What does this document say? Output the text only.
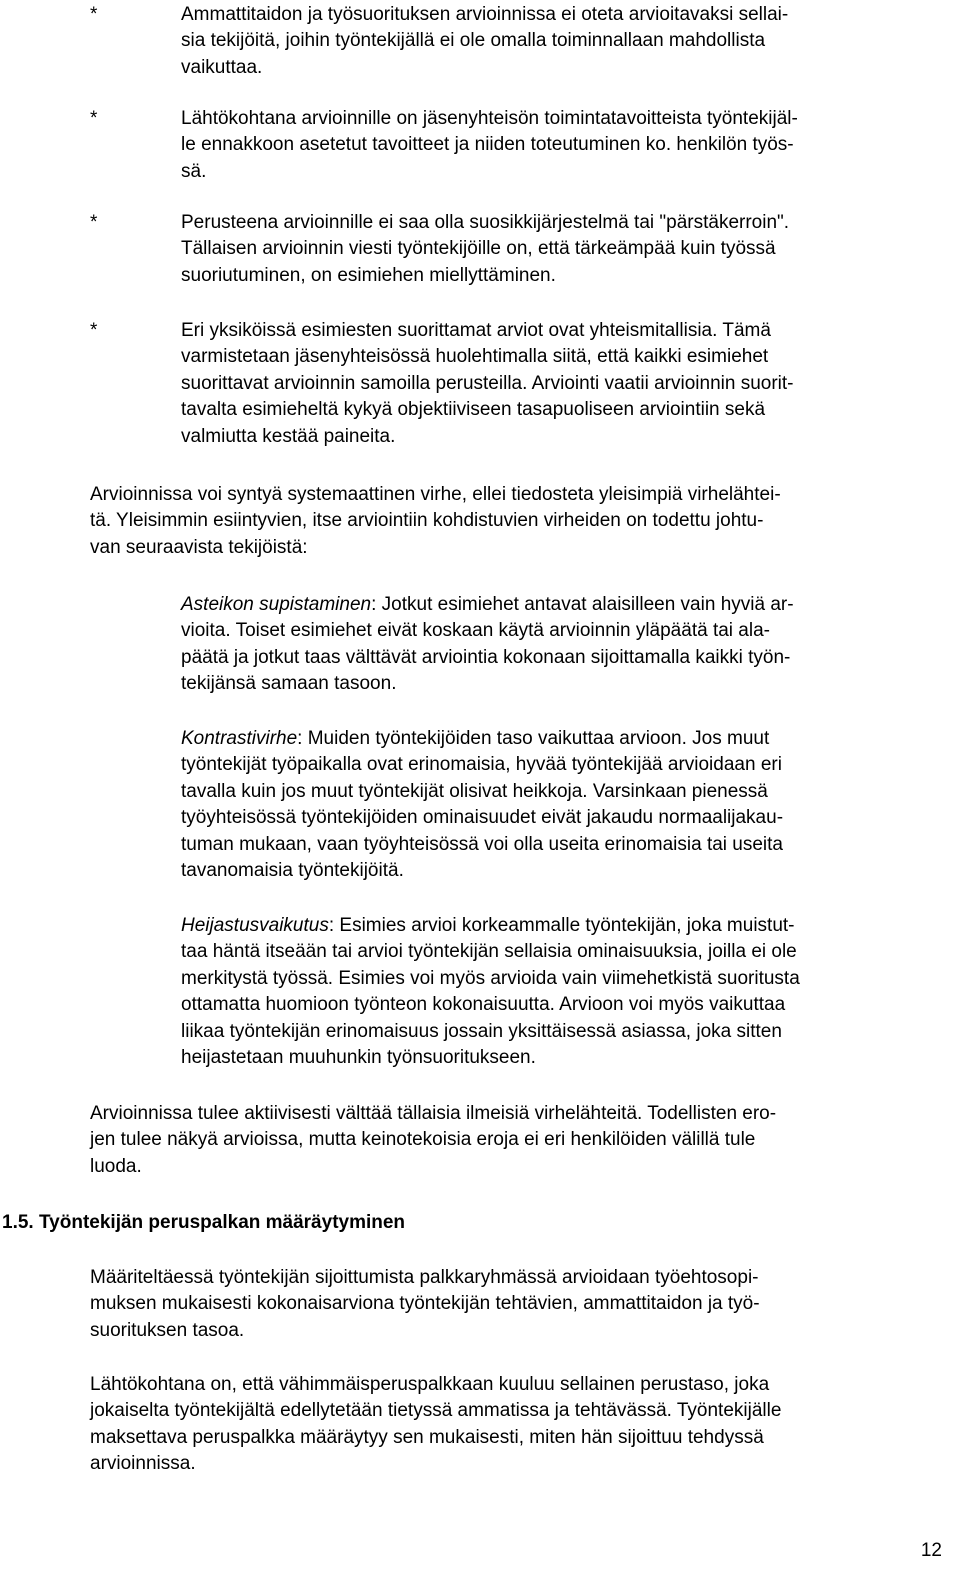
*	Ammattitaidon ja työsuorituksen arvioinnissa ei oteta arvioitavaksi sellai-
sia tekijöitä, joihin työntekijällä ei ole omalla toiminnallaan mahdollista
vaikuttaa.
*	Lähtökohtana arvioinnille on jäsenyhteisön toimintatavoitteista työntekijäl-
le ennakkoon asetetut tavoitteet ja niiden toteutuminen ko. henkilön työs-
sä.
*	Perusteena arvioinnille ei saa olla suosikkijärjestelmä tai "pärstäkerroin".
Tällaisen arvioinnin viesti työntekijöille on, että tärkeämpää kuin työssä
suoriutuminen, on esimiehen miellyttäminen.
*	Eri yksiköissä esimiesten suorittamat arviot ovat yhteismitallisia. Tämä
varmistetaan jäsenyhteisössä huolehtimalla siitä, että kaikki esimiehet
suorittavat arvioinnin samoilla perusteilla. Arviointi vaatii arvioinnin suorit-
tavalta esimieheltä kykyä objektiiviseen tasapuoliseen arviointiin sekä
valmiutta kestää paineita.
Arvioinnissa voi syntyä systemaattinen virhe, ellei tiedosteta yleisimpiä virhelähtei-
tä. Yleisimmin esiintyvien, itse arviointiin kohdistuvien virheiden on todettu johtu-
van seuraavista tekijöistä:
Asteikon supistaminen: Jotkut esimiehet antavat alaisilleen vain hyviä ar-
vioita. Toiset esimiehet eivät koskaan käytä arvioinnin yläpäätä tai ala-
päätä ja jotkut taas välttävät arviointia kokonaan sijoittamalla kaikki työn-
tekijänsä samaan tasoon.
Kontrastivirhe: Muiden työntekijöiden taso vaikuttaa arvioon. Jos muut
työntekijät työpaikalla ovat erinomaisia, hyvää työntekijää arvioidaan eri
tavalla kuin jos muut työntekijät olisivat heikkoja. Varsinkaan pienessä
työyhteisössä työntekijöiden ominaisuudet eivät jakaudu normaalijakau-
tuman mukaan, vaan työyhteisössä voi olla useita erinomaisia tai useita
tavanomaisia työntekijöitä.
Heijastusvaikutus: Esimies arvioi korkeammalle työntekijän, joka muistut-
taa häntä itseään tai arvioi työntekijän sellaisia ominaisuuksia, joilla ei ole
merkitystä työssä. Esimies voi myös arvioida vain viimehetkistä suoritusta
ottamatta huomioon työnteon kokonaisuutta. Arvioon voi myös vaikuttaa
liikaa työntekijän erinomaisuus jossain yksittäisessä asiassa, joka sitten
heijastetaan muuhunkin työnsuoritukseen.
Arvioinnissa tulee aktiivisesti välttää tällaisia ilmeisiä virhelähteitä. Todellisten ero-
jen tulee näkyä arvioissa, mutta keinotekoisia eroja ei eri henkilöiden välillä tule
luoda.
1.5. Työntekijän peruspalkan määräytyminen
Määriteltäessä työntekijän sijoittumista palkkaryhmässä arvioidaan työehtosopi-
muksen mukaisesti kokonaisarviona työntekijän tehtävien, ammattitaidon ja työ-
suorituksen tasoa.
Lähtökohtana on, että vähimmäisperuspalkkaan kuuluu sellainen perustaso, joka
jokaiselta työntekijältä edellytetään tietyssä ammatissa ja tehtävässä. Työntekijälle
maksettava peruspalkka määräytyy sen mukaisesti, miten hän sijoittuu tehdyssä
arvioinnissa.
12
